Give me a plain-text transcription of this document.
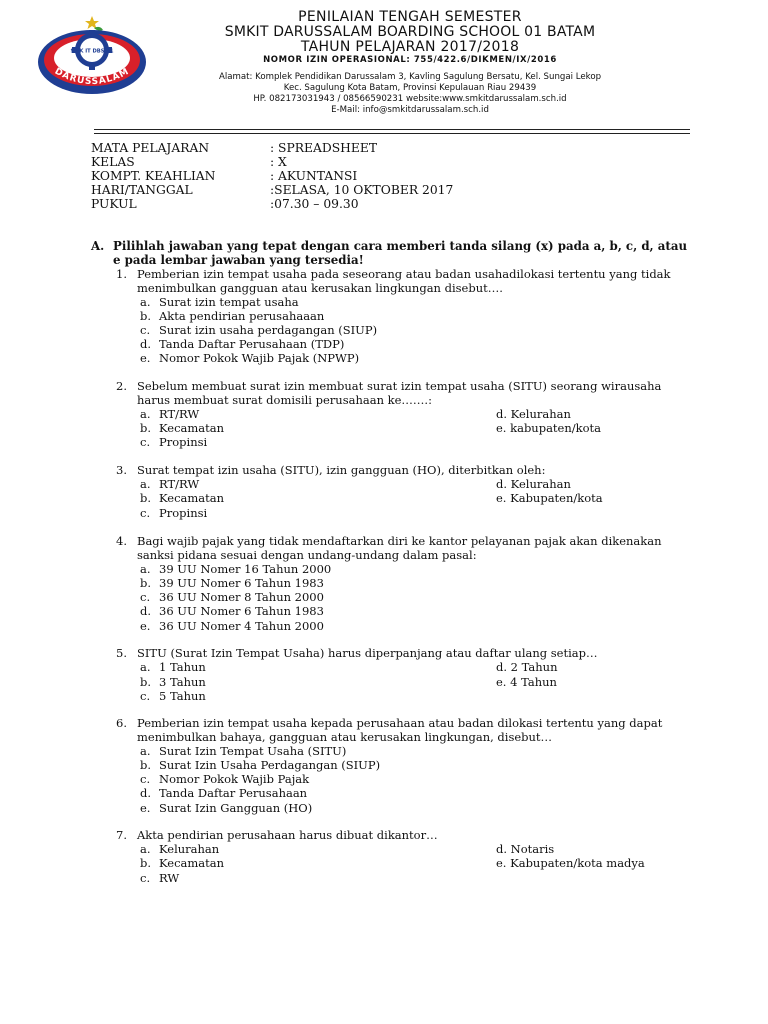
SMK IT DBS 01
DARUSSALAM
PENILAIAN TENGAH SEMESTER
SMKIT DARUSSALAM BOARDING SCHOOL 01 BATAM
TAHUN PELAJARAN 2017/2018
NOMOR IZIN OPERASIONAL: 755/422.6/DIKMEN/IX/2016
Alamat: Komplek Pendidikan Darussalam 3, Kavling Sagulung Bersatu, Kel. Sungai Lekop
Kec. Sagulung Kota Batam, Provinsi Kepulauan Riau 29439
HP. 082173031943 / 08566590231 website:www.smkitdarussalam.sch.id
E-Mail: info@smkitdarussalam.sch.id
MATA PELAJARAN	: SPREADSHEET
KELAS	: X
KOMPT. KEAHLIAN	: AKUNTANSI
HARI/TANGGAL	:SELASA, 10 OKTOBER 2017
PUKUL	:07.30 – 09.30
A. Pilihlah jawaban yang tepat dengan cara memberi tanda silang (x) pada a, b, c, d, atau e pada lembar jawaban yang tersedia!
1. Pemberian izin tempat usaha pada seseorang atau badan usahadilokasi tertentu yang tidak menimbulkan gangguan atau kerusakan lingkungan disebut….
a. Surat izin tempat usaha
b. Akta pendirian perusahaaan
c. Surat izin usaha perdagangan (SIUP)
d. Tanda Daftar Perusahaan (TDP)
e. Nomor Pokok Wajib Pajak (NPWP)
2. Sebelum membuat surat izin membuat surat izin tempat usaha (SITU) seorang wirausaha harus membuat surat domisili perusahaan ke…….:
a. RT/RW
b. Kecamatan
c. Propinsi
d. Kelurahan
e. kabupaten/kota
3. Surat tempat izin usaha (SITU), izin gangguan (HO), diterbitkan oleh:
a. RT/RW
b. Kecamatan
c. Propinsi
d. Kelurahan
e. Kabupaten/kota
4. Bagi wajib pajak yang tidak mendaftarkan diri ke kantor pelayanan pajak akan dikenakan sanksi pidana sesuai dengan undang-undang dalam pasal:
a. 39 UU Nomer 16 Tahun 2000
b. 39 UU Nomer 6 Tahun 1983
c. 36 UU Nomer 8 Tahun 2000
d. 36 UU Nomer 6 Tahun 1983
e. 36 UU Nomer 4 Tahun 2000
5. SITU (Surat Izin Tempat Usaha) harus diperpanjang atau daftar ulang setiap…
a. 1 Tahun
b. 3 Tahun
c. 5 Tahun
d. 2 Tahun
e. 4 Tahun
6. Pemberian izin tempat usaha kepada perusahaan atau badan dilokasi tertentu yang dapat menimbulkan bahaya, gangguan atau kerusakan lingkungan, disebut…
a. Surat Izin Tempat Usaha (SITU)
b. Surat Izin Usaha Perdagangan (SIUP)
c. Nomor Pokok Wajib Pajak
d. Tanda Daftar Perusahaan
e. Surat Izin Gangguan (HO)
7. Akta pendirian perusahaan harus dibuat dikantor…
a. Kelurahan
b. Kecamatan
c. RW
d. Notaris
e. Kabupaten/kota madya
